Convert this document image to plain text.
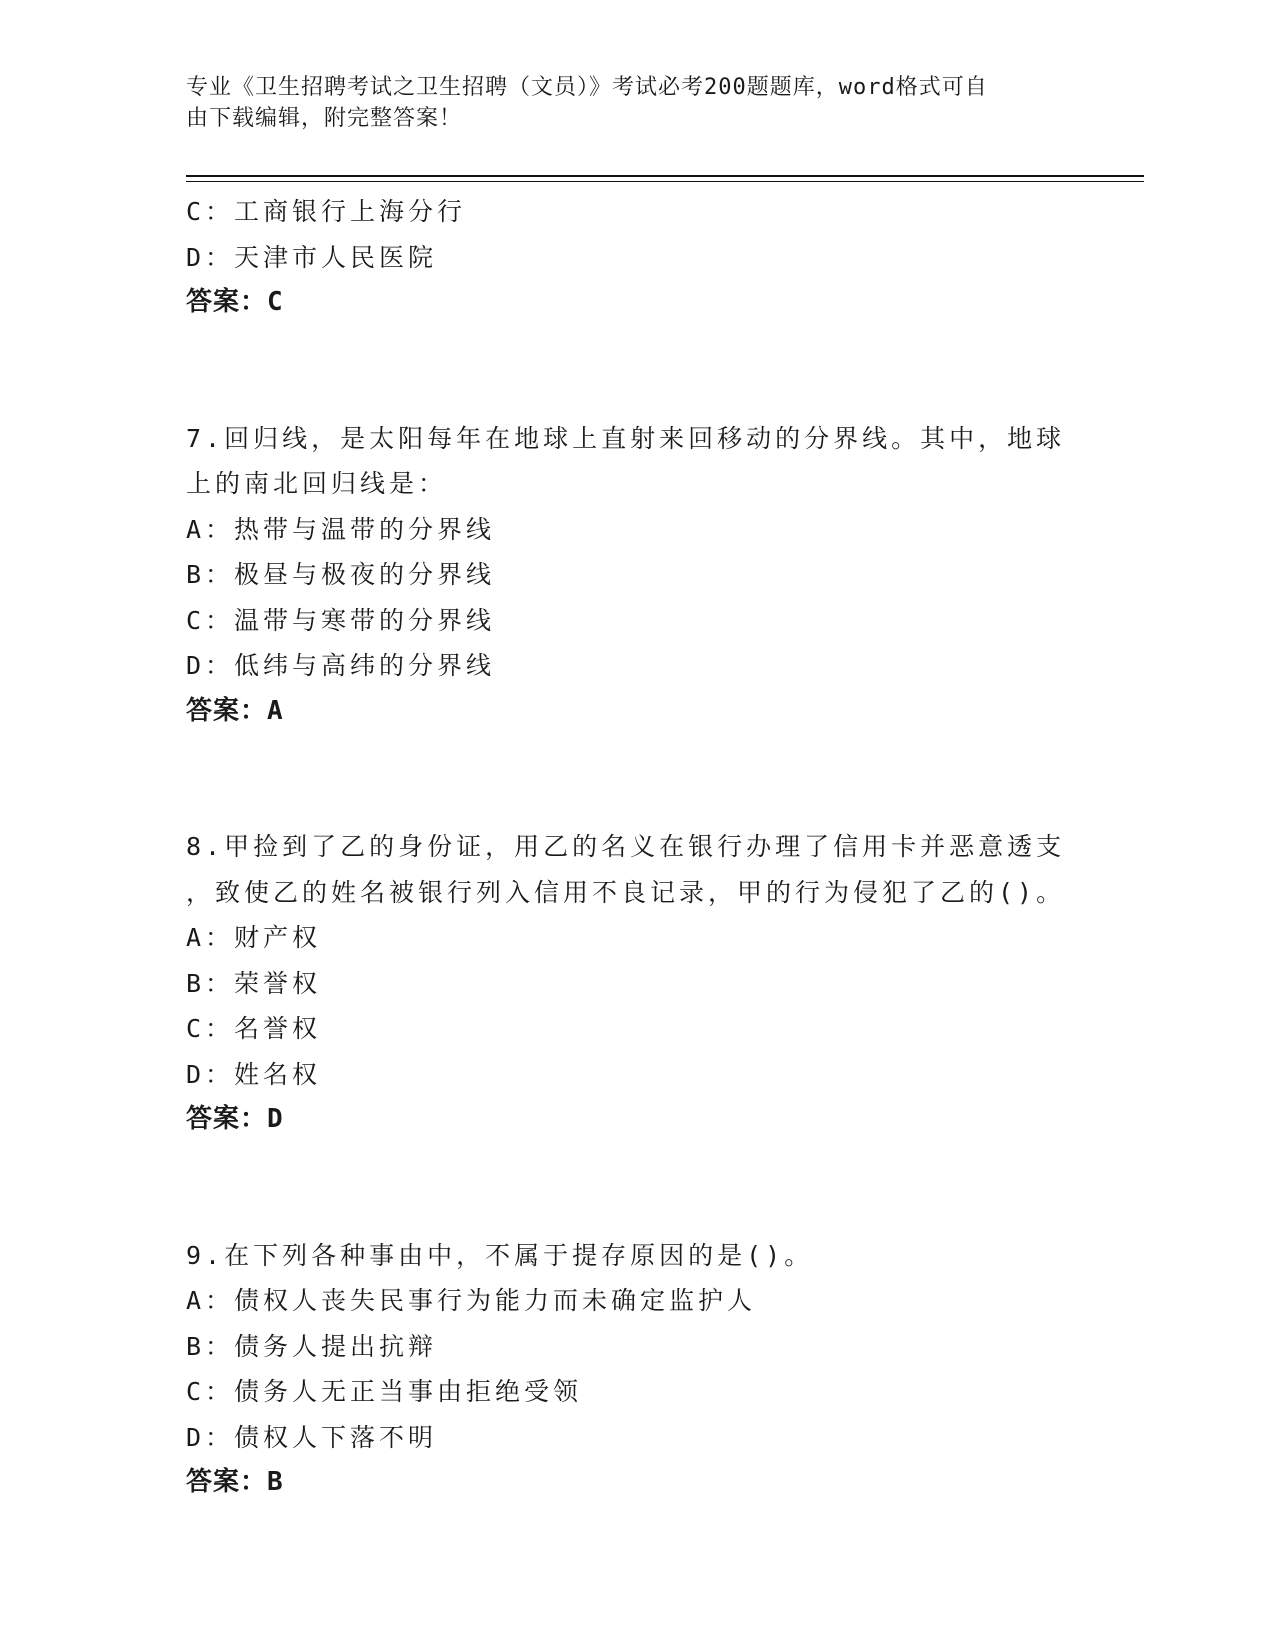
专业《卫生招聘考试之卫生招聘（文员）》考试必考200题题库，word格式可自
由下载编辑，附完整答案！
C：工商银行上海分行
D：天津市人民医院
答案：C
7.回归线，是太阳每年在地球上直射来回移动的分界线。其中，地球
上的南北回归线是：
A：热带与温带的分界线
B：极昼与极夜的分界线
C：温带与寒带的分界线
D：低纬与高纬的分界线
答案：A
8.甲捡到了乙的身份证，用乙的名义在银行办理了信用卡并恶意透支
，致使乙的姓名被银行列入信用不良记录，甲的行为侵犯了乙的()。
A：财产权
B：荣誉权
C：名誉权
D：姓名权
答案：D
9.在下列各种事由中，不属于提存原因的是()。
A：债权人丧失民事行为能力而未确定监护人
B：债务人提出抗辩
C：债务人无正当事由拒绝受领
D：债权人下落不明
答案：B
